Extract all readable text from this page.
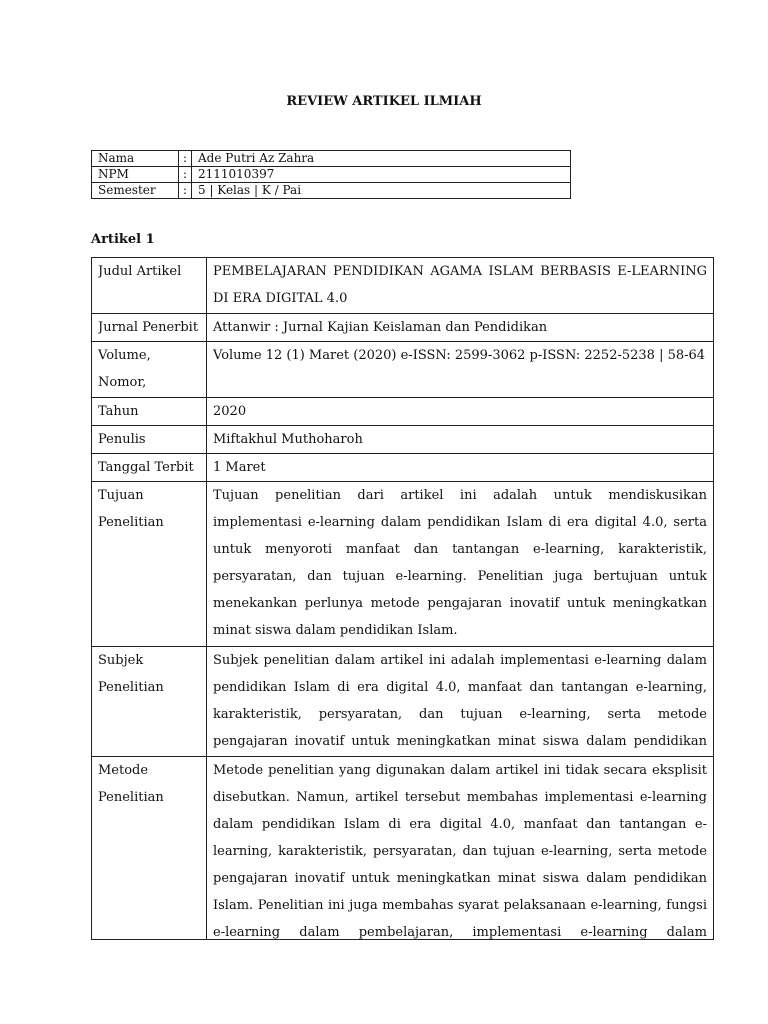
REVIEW ARTIKEL ILMIAH
Nama	:	Ade Putri Az Zahra
NPM	:	2111010397
Semester	:	5 | Kelas | K / Pai
Artikel 1
Judul Artikel	PEMBELAJARAN PENDIDIKAN AGAMA ISLAM BERBASIS E-LEARNING DI ERA DIGITAL 4.0

Jurnal Penerbit	Attanwir : Jurnal Kajian Keislaman dan Pendidikan

Volume, Nomor,	Volume 12 (1) Maret (2020) e-ISSN: 2599-3062 p-ISSN: 2252-5238 | 58-64

Tahun	2020

Penulis	Miftakhul Muthoharoh

Tanggal Terbit	1 Maret

Tujuan Penelitian	Tujuan penelitian dari artikel ini adalah untuk mendiskusikan implementasi e-learning dalam pendidikan Islam di era digital 4.0, serta untuk menyoroti manfaat dan tantangan e-learning, karakteristik, persyaratan, dan tujuan e-learning. Penelitian juga bertujuan untuk menekankan perlunya metode pengajaran inovatif untuk meningkatkan minat siswa dalam pendidikan Islam.

Subjek Penelitian	Subjek penelitian dalam artikel ini adalah implementasi e-learning dalam pendidikan Islam di era digital 4.0, manfaat dan tantangan e-learning, karakteristik, persyaratan, dan tujuan e-learning, serta metode pengajaran inovatif untuk meningkatkan minat siswa dalam pendidikan

Metode Penelitian	Metode penelitian yang digunakan dalam artikel ini tidak secara eksplisit disebutkan. Namun, artikel tersebut membahas implementasi e-learning dalam pendidikan Islam di era digital 4.0, manfaat dan tantangan e-learning, karakteristik, persyaratan, dan tujuan e-learning, serta metode pengajaran inovatif untuk meningkatkan minat siswa dalam pendidikan Islam. Penelitian ini juga membahas syarat pelaksanaan e-learning, fungsi e-learning dalam pembelajaran, implementasi e-learning dalam
